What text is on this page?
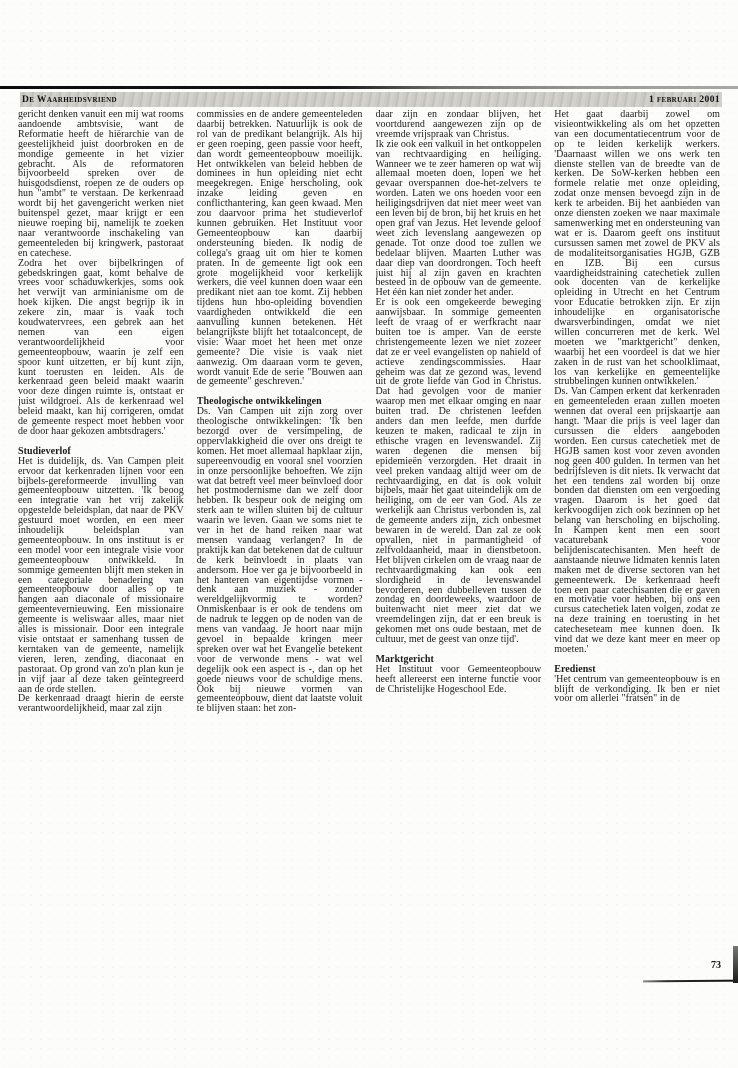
De Waarheidsvriend	1 februari 2001

gericht denken vanuit een mij wat rooms aandoende ambtsvisie, want de Reformatie heeft de hiërarchie van de geestelijkheid juist doorbroken en de mondige gemeente in het vizier gebracht. Als de reformatoren bijvoorbeeld spreken over de huisgodsdienst, roepen ze de ouders op hun "ambt" te verstaan. De kerkenraad wordt bij het gavengericht werken niet buitenspel gezet, maar krijgt er een nieuwe roeping bij, namelijk te zoeken naar verantwoorde inschakeling van gemeenteleden bij kringwerk, pastoraat en catechese.

Zodra het over bijbelkringen of gebedskringen gaat, komt behalve de vrees voor schaduwkerkjes, soms ook het verwijt van arminianisme om de hoek kijken. Die angst begrijp ik in zekere zin, maar is vaak toch koudwatervrees, een gebrek aan het nemen van een eigen verantwoordelijkheid voor gemeenteopbouw, waarin je zelf een spoor kunt uitzetten, er bij kunt zijn, kunt toerusten en leiden. Als de kerkenraad geen beleid maakt waarin voor deze dingen ruimte is, ontstaat er juist wildgroei. Als de kerkenraad wel beleid maakt, kan hij corrigeren, omdat de gemeente respect moet hebben voor de door haar gekozen ambtsdragers.'

Studieverlof

Het is duidelijk, ds. Van Campen pleit ervoor dat kerkenraden lijnen voor een bijbels-gereformeerde invulling van gemeenteopbouw uitzetten. 'Ik beoog een integratie van het vrij zakelijk opgestelde beleidsplan, dat naar de PKV gestuurd moet worden, en een meer inhoudelijk beleidsplan van gemeenteopbouw. In ons instituut is er een model voor een integrale visie voor gemeenteopbouw ontwikkeld. In sommige gemeenten blijft men steken in een categoriale benadering van gemeenteopbouw door alles op te hangen aan diaconale of missionaire gemeentevernieuwing. Een missionaire gemeente is weliswaar alles, maar niet alles is missionair. Door een integrale visie ontstaat er samenhang tussen de kerntaken van de gemeente, namelijk vieren, leren, zending, diaconaat en pastoraat. Op grond van zo'n plan kun je in vijf jaar al deze taken geïntegreerd aan de orde stellen.

De kerkenraad draagt hierin de eerste verantwoordelijkheid, maar zal zijn

commissies en de andere gemeenteleden daarbij betrekken. Natuurlijk is ook de rol van de predikant belangrijk. Als hij er geen roeping, geen passie voor heeft, dan wordt gemeenteopbouw moeilijk. Het ontwikkelen van beleid hebben de dominees in hun opleiding niet echt meegekregen. Enige herscholing, ook inzake leiding geven en conflicthantering, kan geen kwaad. Men zou daarvoor prima het studieverlof kunnen gebruiken. Het Instituut voor Gemeenteopbouw kan daarbij ondersteuning bieden. Ik nodig de collega's graag uit om hier te komen praten. In de gemeente ligt ook een grote mogelijkheid voor kerkelijk werkers, die veel kunnen doen waar een predikant niet aan toe komt. Zij hebben tijdens hun hbo-opleiding bovendien vaardigheden ontwikkeld die een aanvulling kunnen betekenen. Hét belangrijkste blijft het totaalconcept, de visie: Waar moet het heen met onze gemeente? Die visie is vaak niet aanwezig. Om daaraan vorm te geven, wordt vanuit Ede de serie "Bouwen aan de gemeente" geschreven.'

Theologische ontwikkelingen

Ds. Van Campen uit zijn zorg over theologische ontwikkelingen: 'Ik ben bezorgd over de versimpeling, de oppervlakkigheid die over ons dreigt te komen. Het moet allemaal hapklaar zijn, supereenvoudig en vooral snel voorzien in onze persoonlijke behoeften. We zijn wat dat betreft veel meer beïnvloed door het postmodernisme dan we zelf door hebben. Ik bespeur ook de neiging om sterk aan te willen sluiten bij de cultuur waarin we leven. Gaan we soms niet te ver in het de hand reiken naar wat mensen vandaag verlangen? In de praktijk kan dat betekenen dat de cultuur de kerk beïnvloedt in plaats van andersom. Hoe ver ga je bijvoorbeeld in het hanteren van eigentijdse vormen - denk aan muziek - zonder wereldgelijkvormig te worden? Onmiskenbaar is er ook de tendens om de nadruk te leggen op de noden van de mens van vandaag. Je hoort naar mijn gevoel in bepaalde kringen meer spreken over wat het Evangelie betekent voor de verwonde mens - wat wel degelijk ook een aspect is -, dan op het goede nieuws voor de schuldige mens. Ook bij nieuwe vormen van gemeenteopbouw, dient dat laatste voluit te blijven staan: het zon-

daar zijn en zondaar blijven, het voortdurend aangewezen zijn op de vreemde vrijspraak van Christus.

Ik zie ook een valkuil in het ontkoppelen van rechtvaardiging en heiliging. Wanneer we te zeer hameren op wat wij allemaal moeten doen, lopen we het gevaar overspannen doe-het-zelvers te worden. Laten we ons hoeden voor een heiligingsdrijven dat niet meer weet van een leven bij de bron, bij het kruis en het open graf van Jezus. Het levende geloof weet zich levenslang aangewezen op genade. Tot onze dood toe zullen we bedelaar blijven. Maarten Luther was daar diep van doordrongen. Toch heeft juist hij al zijn gaven en krachten besteed in de opbouw van de gemeente. Het één kan niet zonder het ander.

Er is ook een omgekeerde beweging aanwijsbaar. In sommige gemeenten leeft de vraag of er werfkracht naar buiten toe is amper. Van de eerste christengemeente lezen we niet zozeer dat ze er veel evangelisten op nahield of actieve zendingscommissies. Haar geheim was dat ze gezond was, levend uit de grote liefde van God in Christus. Dat had gevolgen voor de manier waarop men met elkaar omging en naar buiten trad. De christenen leefden anders dan men leefde, men durfde keuzen te maken, radicaal te zijn in ethische vragen en levenswandel. Zij waren degenen die mensen bij epidemieën verzorgden. Het draait in veel preken vandaag altijd weer om de rechtvaardiging, en dat is ook voluit bijbels, maar het gaat uiteindelijk om de heiliging, om de eer van God. Als ze werkelijk aan Christus verbonden is, zal de gemeente anders zijn, zich onbesmet bewaren in de wereld. Dan zal ze ook opvallen, niet in parmantigheid of zelfvoldaanheid, maar in dienstbetoon. Het blijven cirkelen om de vraag naar de rechtvaardigmaking kan ook een slordigheid in de levenswandel bevorderen, een dubbelleven tussen de zondag en doordeweeks, waardoor de buitenwacht niet meer ziet dat we vreemdelingen zijn, dat er een breuk is gekomen met ons oude bestaan, met de cultuur, met de geest van onze tijd'.

Marktgericht

Het Instituut voor Gemeenteopbouw heeft allereerst een interne functie voor de Christelijke Hogeschool Ede.

Het gaat daarbij zowel om visieontwikkeling als om het opzetten van een documentatiecentrum voor de op te leiden kerkelijk werkers. 'Daarnaast willen we ons werk ten dienste stellen van de breedte van de kerken. De SoW-kerken hebben een formele relatie met onze opleiding, zodat onze mensen bevoegd zijn in de kerk te arbeiden. Bij het aanbieden van onze diensten zoeken we naar maximale samenwerking met en ondersteuning van wat er is. Daarom geeft ons instituut cursussen samen met zowel de PKV als de modaliteitsorganisaties HGJB, GZB en IZB. Bij een cursus vaardigheidstraining catechetiek zullen ook docenten van de kerkelijke opleiding in Utrecht en het Centrum voor Educatie betrokken zijn. Er zijn inhoudelijke en organisatorische dwarsverbindingen, omdat we niet willen concurreren met de kerk. Wel moeten we "marktgericht" denken, waarbij het een voordeel is dat we hier zaken in de rust van het schoolklimaat, los van kerkelijke en gemeentelijke strubbelingen kunnen ontwikkelen.'

Ds. Van Campen erkent dat kerkenraden en gemeenteleden eraan zullen moeten wennen dat overal een prijskaartje aan hangt. 'Maar die prijs is veel lager dan cursussen die elders aangeboden worden. Een cursus catechetiek met de HGJB samen kost voor zeven avonden nog geen 400 gulden. In termen van het bedrijfsleven is dit niets. Ik verwacht dat het een tendens zal worden bij onze bonden dat diensten om een vergoeding vragen. Daarom is het goed dat kerkvoogdijen zich ook bezinnen op het belang van herscholing en bijscholing. In Kampen kent men een soort vacaturebank voor belijdeniscatechisanten. Men heeft de aanstaande nieuwe lidmaten kennis laten maken met de diverse sectoren van het gemeentewerk. De kerkenraad heeft toen een paar catechisanten die er gaven en motivatie voor hebben, bij ons een cursus catechetiek laten volgen, zodat ze na deze training en toerusting in het catecheseteam mee kunnen doen. Ik vind dat we deze kant meer en meer op moeten.'

Eredienst

'Het centrum van gemeenteopbouw is en blijft de verkondiging. Ik ben er niet voor om allerlei "fratsen" in de

73
